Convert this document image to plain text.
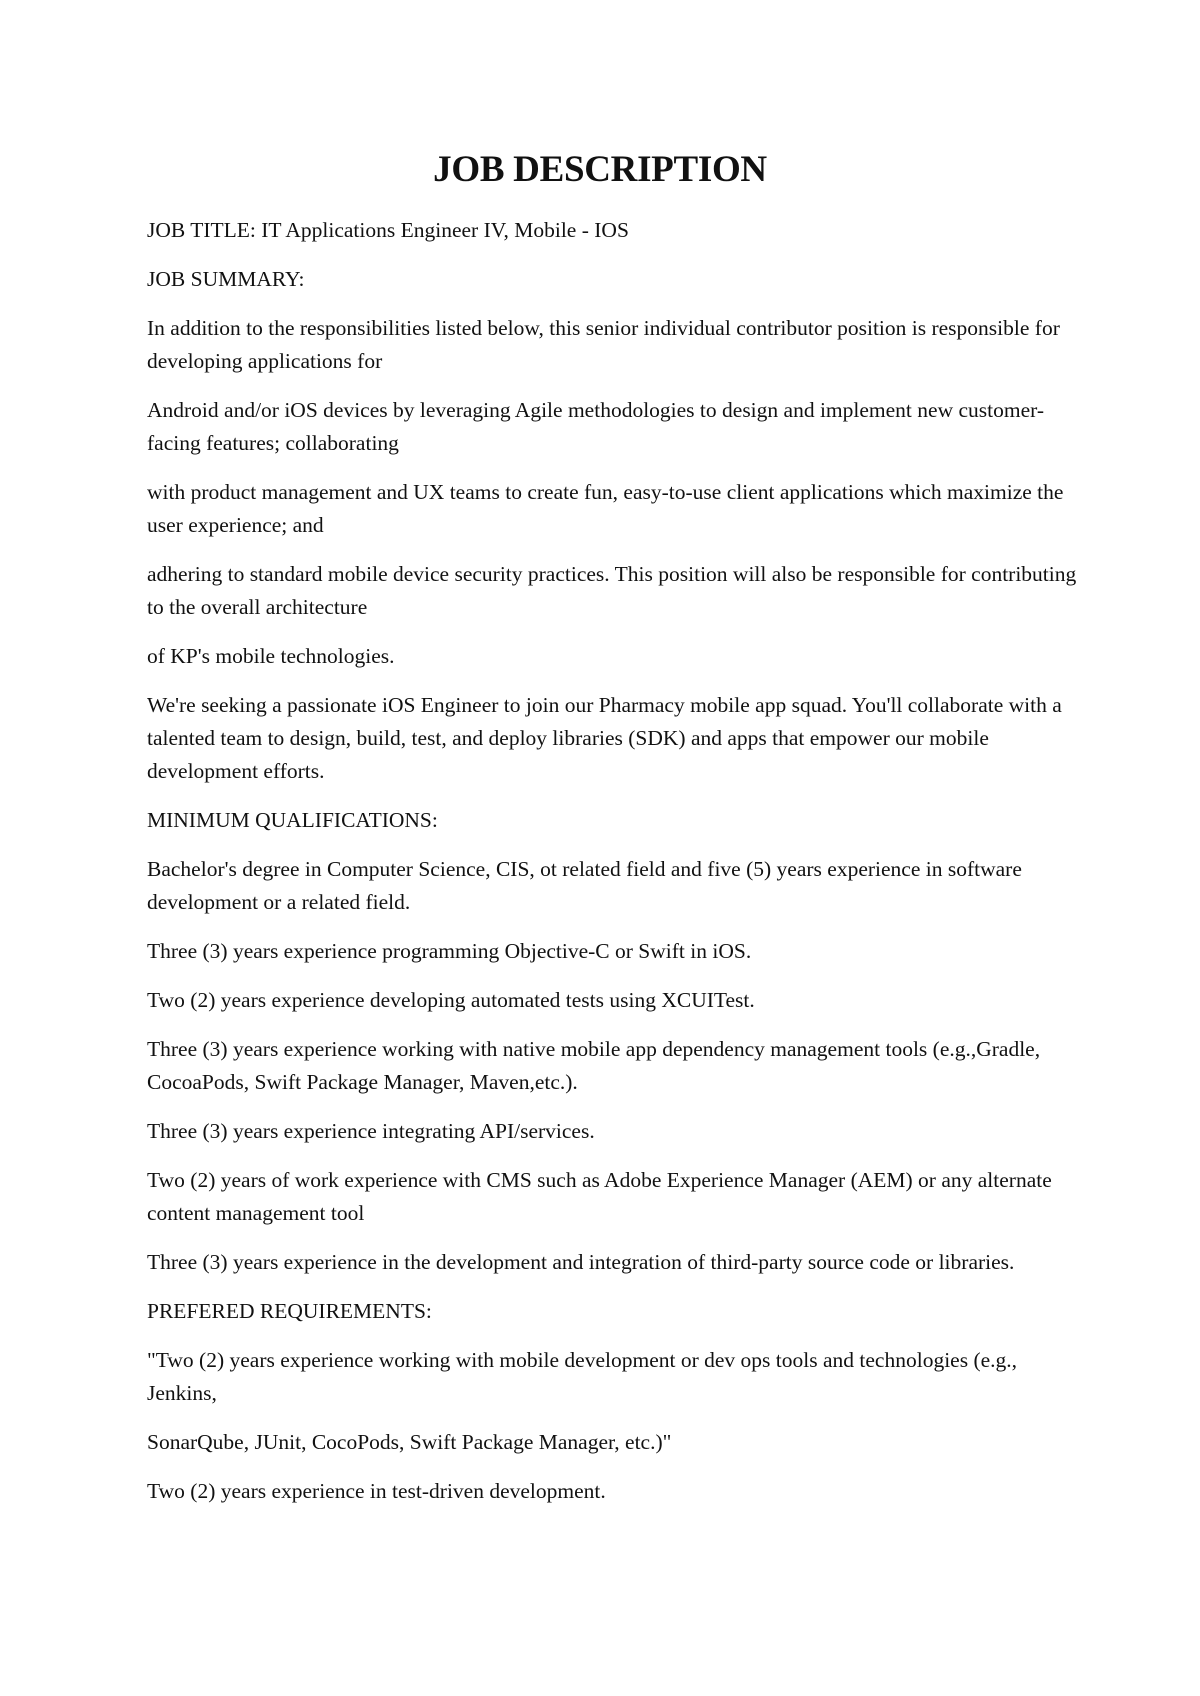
JOB DESCRIPTION

JOB TITLE: IT Applications Engineer IV, Mobile - IOS

JOB SUMMARY:

In addition to the responsibilities listed below, this senior individual contributor position is responsible for developing applications for

Android and/or iOS devices by leveraging Agile methodologies to design and implement new customer-facing features; collaborating

with product management and UX teams to create fun, easy-to-use client applications which maximize the user experience; and

adhering to standard mobile device security practices. This position will also be responsible for contributing to the overall architecture

of KP's mobile technologies.

We're seeking a passionate iOS Engineer to join our Pharmacy mobile app squad. You'll collaborate with a talented team to design, build, test, and deploy libraries (SDK) and apps that empower our mobile development efforts.

MINIMUM QUALIFICATIONS:

Bachelor's degree in Computer Science, CIS, ot related field and five (5) years experience in software development or a related field.

Three (3) years experience programming Objective-C or Swift in iOS.

Two (2) years experience developing automated tests using XCUITest.

Three (3) years experience working with native mobile app dependency management tools (e.g.,Gradle, CocoaPods, Swift Package Manager, Maven,etc.).

Three (3) years experience integrating API/services.

Two (2) years of work experience with CMS such as Adobe Experience Manager (AEM) or any alternate content management tool

Three (3) years experience in the development and integration of third-party source code or libraries.

PREFERED REQUIREMENTS:

"Two (2) years experience working with mobile development or dev ops tools and technologies (e.g., Jenkins,

SonarQube, JUnit, CocoPods, Swift Package Manager, etc.)"

Two (2) years experience in test-driven development.
